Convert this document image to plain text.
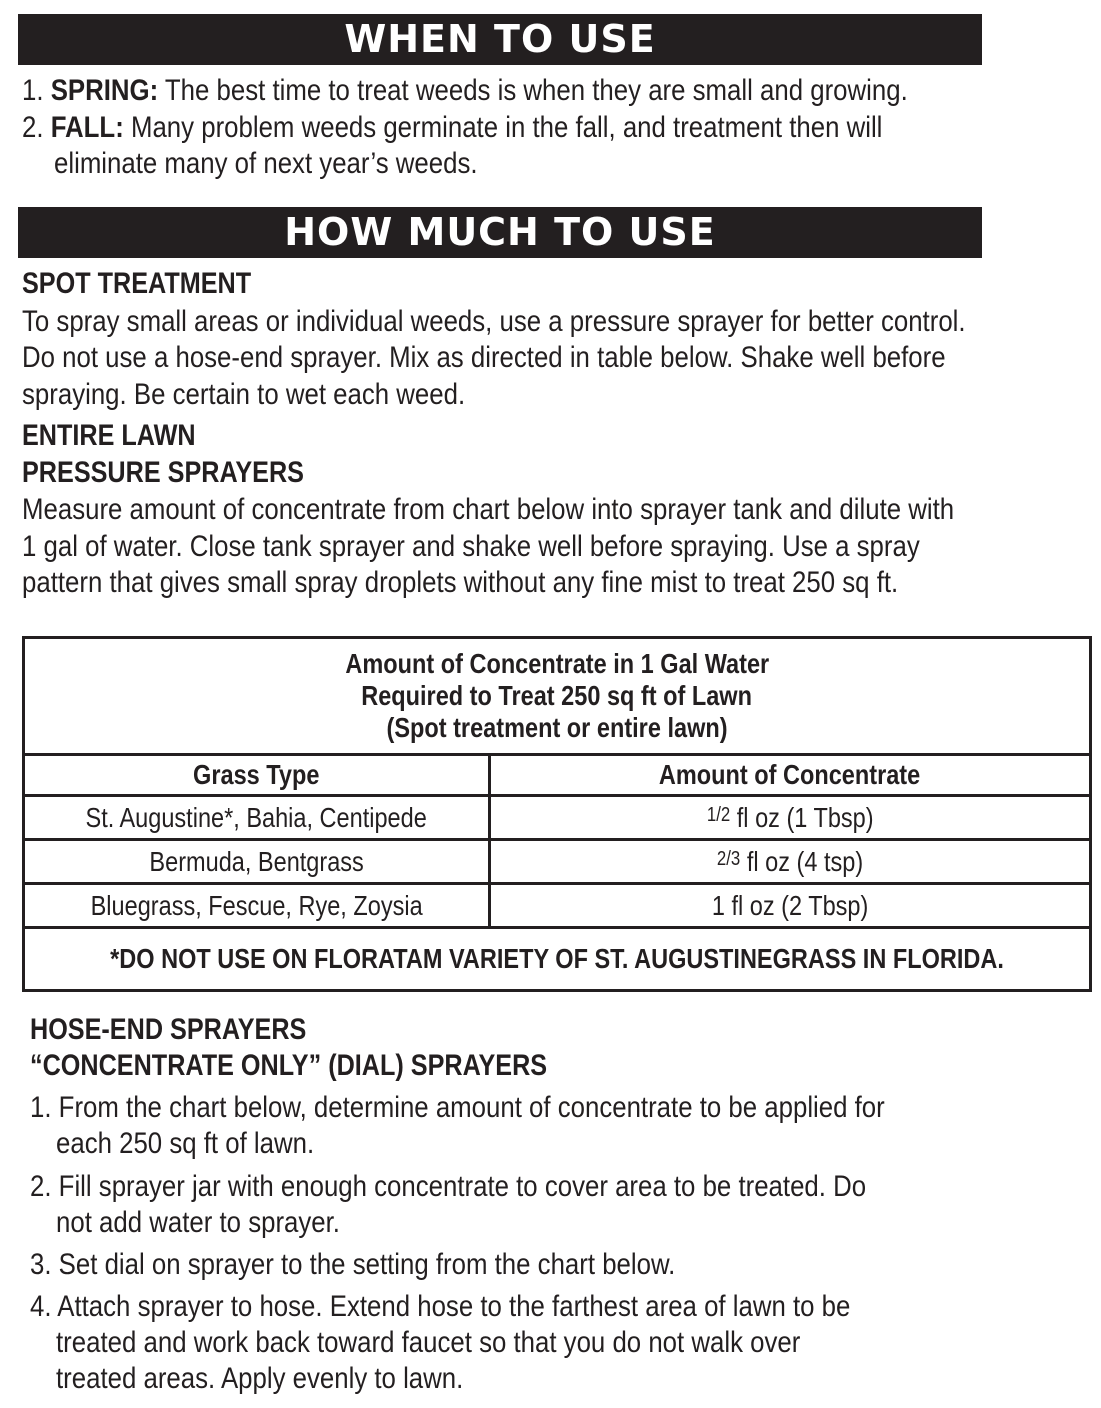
WHEN TO USE
1. SPRING: The best time to treat weeds is when they are small and growing.
2. FALL: Many problem weeds germinate in the fall, and treatment then will
eliminate many of next year’s weeds.
HOW MUCH TO USE
SPOT TREATMENT
To spray small areas or individual weeds, use a pressure sprayer for better control.
Do not use a hose-end sprayer. Mix as directed in table below. Shake well before
spraying. Be certain to wet each weed.
ENTIRE LAWN
PRESSURE SPRAYERS
Measure amount of concentrate from chart below into sprayer tank and dilute with
1 gal of water. Close tank sprayer and shake well before spraying. Use a spray
pattern that gives small spray droplets without any fine mist to treat 250 sq ft.
Amount of Concentrate in 1 Gal Water
Required to Treat 250 sq ft of Lawn
(Spot treatment or entire lawn)	

Grass Type	Amount of Concentrate
St. Augustine*, Bahia, Centipede	$^{1/2}$ fl oz (1 Tbsp)
Bermuda, Bentgrass	$^{2/3}$ fl oz (4 tsp)
Bluegrass, Fescue, Rye, Zoysia	1 fl oz (2 Tbsp)
*DO NOT USE ON FLORATAM VARIETY OF ST. AUGUSTINEGRASS IN FLORIDA.	
HOSE-END SPRAYERS
“CONCENTRATE ONLY” (DIAL) SPRAYERS
1. From the chart below, determine amount of concentrate to be applied for
each 250 sq ft of lawn.
2. Fill sprayer jar with enough concentrate to cover area to be treated. Do
not add water to sprayer.
3. Set dial on sprayer to the setting from the chart below.
4. Attach sprayer to hose. Extend hose to the farthest area of lawn to be
treated and work back toward faucet so that you do not walk over
treated areas. Apply evenly to lawn.
